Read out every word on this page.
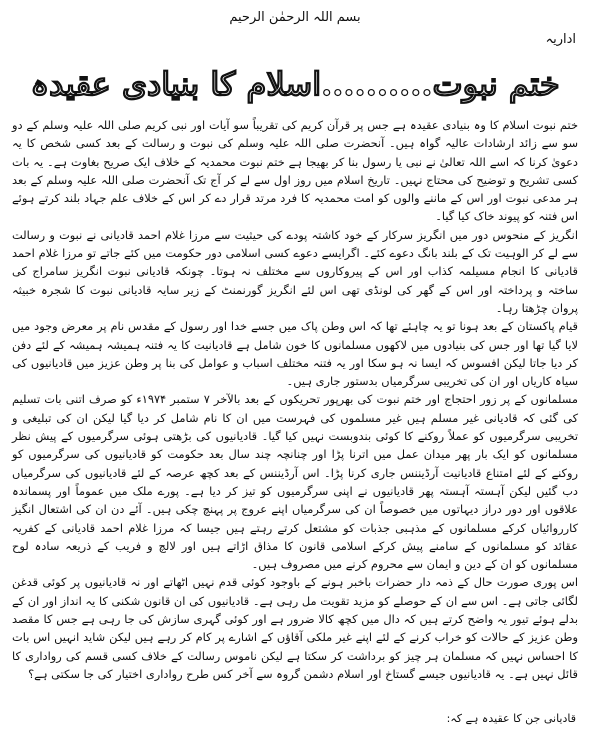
بسم اللہ الرحمٰن الرحیم
اداریہ
ختم نبوت..........اسلام کا بنیادی عقیدہ

ختم نبوت اسلام کا وہ بنیادی عقیدہ ہے جس پر قرآن کریم کی تقریباً سو آیات اور نبی کریم صلی اللہ علیہ وسلم کے دو سو سے زائد ارشادات عالیہ گواہ ہیں۔ آنحضرت صلی اللہ علیہ وسلم کی نبوت و رسالت کے بعد کسی شخص کا یہ دعویٰ کرنا کہ اسے اللہ تعالیٰ نے نبی یا رسول بنا کر بھیجا ہے ختم نبوت محمدیہ کے خلاف ایک صریح بغاوت ہے۔ یہ بات کسی تشریح و توضیح کی محتاج نہیں۔ تاریخ اسلام میں روز اول سے لے کر آج تک آنحضرت صلی اللہ علیہ وسلم کے بعد ہر مدعی نبوت اور اس کے ماننے والوں کو امت محمدیہ کا فرد مرتد قرار دے کر اس کے خلاف علم جہاد بلند کرتے ہوئے اس فتنہ کو پیوند خاک کیا گیا۔

انگریز کے منحوس دور میں انگریز سرکار کے خود کاشتہ پودے کی حیثیت سے مرزا غلام احمد قادیانی نے نبوت و رسالت سے لے کر الوہیت تک کے بلند بانگ دعوے کئے۔ اگرایسے دعوے کسی اسلامی دور حکومت میں کئے جاتے تو مرزا غلام احمد قادیانی کا انجام مسیلمہ کذاب اور اس کے پیروکاروں سے مختلف نہ ہوتا۔ چونکہ قادیانی نبوت انگریز سامراج کی ساختہ و پرداختہ اور اس کے گھر کی لونڈی تھی اس لئے انگریز گورنمنٹ کے زیر سایہ قادیانی نبوت کا شجرہ خبیثہ پروان چڑھتا رہا۔

قیام پاکستان کے بعد ہونا تو یہ چاہئے تھا کہ اس وطن پاک میں جسے خدا اور رسول کے مقدس نام پر معرض وجود میں لایا گیا تھا اور جس کی بنیادوں میں لاکھوں مسلمانوں کا خون شامل ہے قادیانیت کا یہ فتنہ ہمیشہ ہمیشہ کے لئے دفن کر دیا جاتا لیکن افسوس کہ ایسا نہ ہو سکا اور یہ فتنہ مختلف اسباب و عوامل کی بنا پر وطن عزیز میں قادیانیوں کی سیاہ کاریاں اور ان کی تخریبی سرگرمیاں بدستور جاری ہیں۔

مسلمانوں کے پر زور احتجاج اور ختم نبوت کی بھرپور تحریکوں کے بعد بالآخر ۷ ستمبر ۱۹۷۴ء کو صرف اتنی بات تسلیم کی گئی کہ قادیانی غیر مسلم ہیں غیر مسلموں کی فہرست میں ان کا نام شامل کر دیا گیا لیکن ان کی تبلیغی و تخریبی سرگرمیوں کو عملاً روکنے کا کوئی بندوبست نہیں کیا گیا۔ قادیانیوں کی بڑھتی ہوئی سرگرمیوں کے پیش نظر مسلمانوں کو ایک بار پھر میدان عمل میں اترنا پڑا اور چنانچہ چند سال بعد حکومت کو قادیانیوں کی سرگرمیوں کو روکنے کے لئے امتناع قادیانیت آرڈیننس جاری کرنا پڑا۔ اس آرڈیننس کے بعد کچھ عرصہ کے لئے قادیانیوں کی سرگرمیاں دب گئیں لیکن آہستہ آہستہ پھر قادیانیوں نے اپنی سرگرمیوں کو تیز کر دیا ہے۔ پورے ملک میں عموماً اور پسماندہ علاقوں اور دور دراز دیہاتوں میں خصوصاً ان کی سرگرمیاں اپنے عروج پر پہنچ چکی ہیں۔ آئے دن ان کی اشتعال انگیز کارروائیاں کرکے مسلمانوں کے مذہبی جذبات کو مشتعل کرتے رہتے ہیں جیسا کہ مرزا غلام احمد قادیانی کے کفریہ عقائد کو مسلمانوں کے سامنے پیش کرکے اسلامی قانون کا مذاق اڑاتے ہیں اور لالچ و فریب کے ذریعہ سادہ لوح مسلمانوں کو ان کے دین و ایمان سے محروم کرنے میں مصروف ہیں۔

اس پوری صورت حال کے ذمہ دار حضرات باخبر ہونے کے باوجود کوئی قدم نہیں اٹھاتے اور نہ قادیانیوں پر کوئی قدغن لگائی جاتی ہے۔ اس سے ان کے حوصلے کو مزید تقویت مل رہی ہے۔ قادیانیوں کی ان قانون شکنی کا یہ انداز اور ان کے بدلے ہوئے تیور یہ واضح کرتے ہیں کہ دال میں کچھ کالا ضرور ہے اور کوئی گہری سازش کی جا رہی ہے جس کا مقصد وطن عزیز کے حالات کو خراب کرنے کے لئے اپنے غیر ملکی آقاؤں کے اشارے پر کام کر رہے ہیں لیکن شاید انہیں اس بات کا احساس نہیں کہ مسلمان ہر چیز کو برداشت کر سکتا ہے لیکن ناموس رسالت کے خلاف کسی قسم کی رواداری کا قائل نہیں ہے۔ یہ قادیانیوں جیسے گستاخ اور اسلام دشمن گروہ سے آخر کس طرح رواداری اختیار کی جا سکتی ہے؟

قادیانی جن کا عقیدہ ہے کہ:
